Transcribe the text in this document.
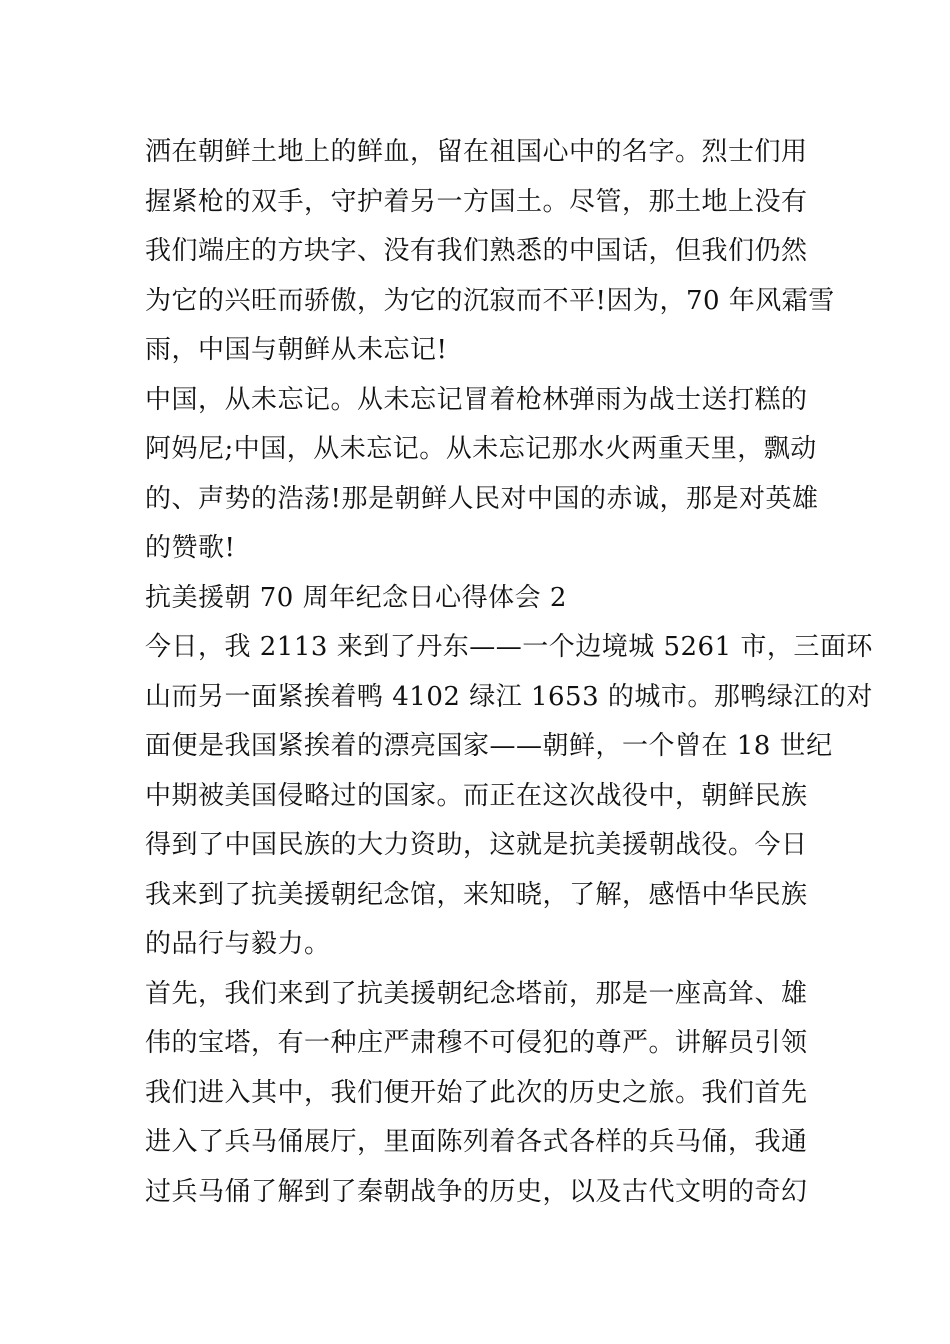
洒在朝鲜土地上的鲜血，留在祖国心中的名字。烈士们用
握紧枪的双手，守护着另一方国土。尽管，那土地上没有
我们端庄的方块字、没有我们熟悉的中国话，但我们仍然
为它的兴旺而骄傲，为它的沉寂而不平!因为，70 年风霜雪
雨，中国与朝鲜从未忘记!
中国，从未忘记。从未忘记冒着枪林弹雨为战士送打糕的
阿妈尼;中国，从未忘记。从未忘记那水火两重天里，飘动
的、声势的浩荡!那是朝鲜人民对中国的赤诚，那是对英雄
的赞歌!
抗美援朝 70 周年纪念日心得体会 2
今日，我 2113 来到了丹东——一个边境城 5261 市，三面环
山而另一面紧挨着鸭 4102 绿江 1653 的城市。那鸭绿江的对
面便是我国紧挨着的漂亮国家——朝鲜，一个曾在 18 世纪
中期被美国侵略过的国家。而正在这次战役中，朝鲜民族
得到了中国民族的大力资助，这就是抗美援朝战役。今日
我来到了抗美援朝纪念馆，来知晓，了解，感悟中华民族
的品行与毅力。
首先，我们来到了抗美援朝纪念塔前，那是一座高耸、雄
伟的宝塔，有一种庄严肃穆不可侵犯的尊严。讲解员引领
我们进入其中，我们便开始了此次的历史之旅。我们首先
进入了兵马俑展厅，里面陈列着各式各样的兵马俑，我通
过兵马俑了解到了秦朝战争的历史，以及古代文明的奇幻
